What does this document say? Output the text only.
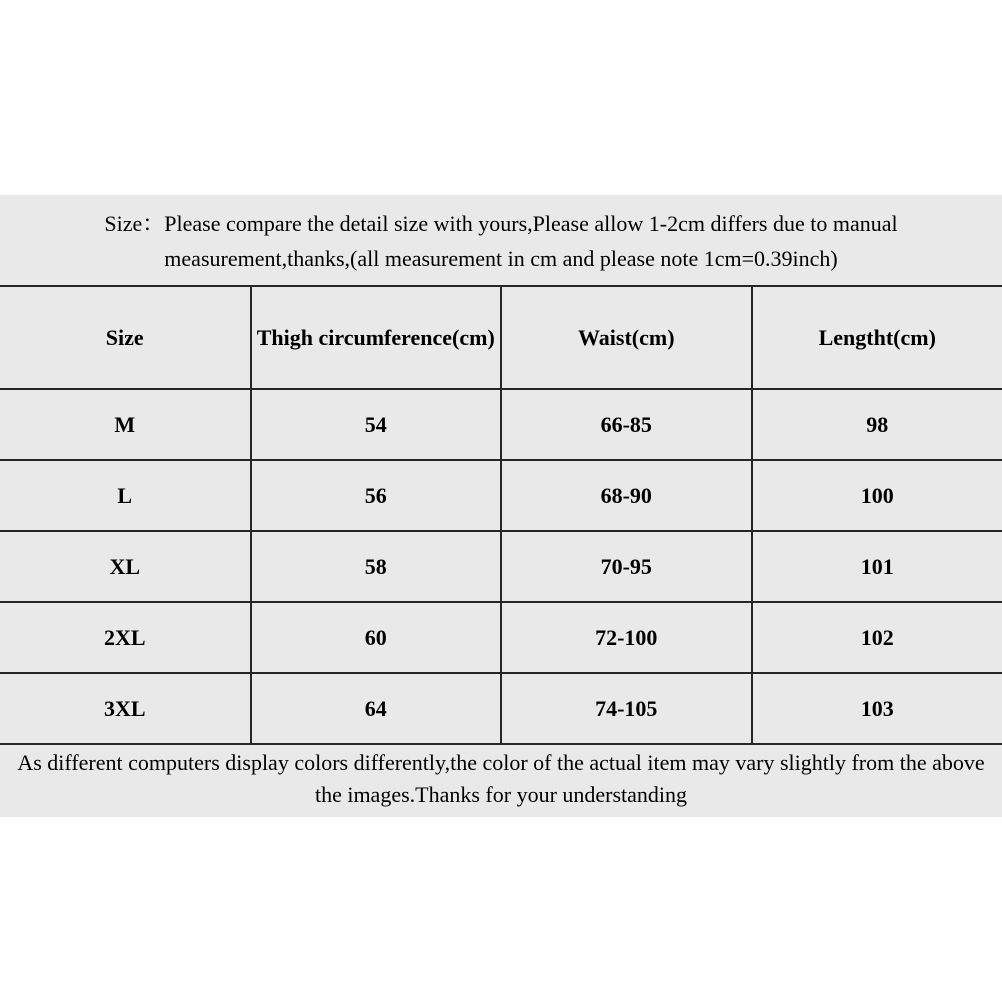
Size：Please compare the detail size with yours,Please allow 1-2cm differs due to manual measurement,thanks,(all measurement in cm and please note 1cm=0.39inch)

Size	Thigh circumference(cm)	Waist(cm)	Lengtht(cm)
M	54	66-85	98
L	56	68-90	100
XL	58	70-95	101
2XL	60	72-100	102
3XL	64	74-105	103

As different computers display colors differently,the color of the actual item may vary slightly from the above the images.Thanks for your understanding
